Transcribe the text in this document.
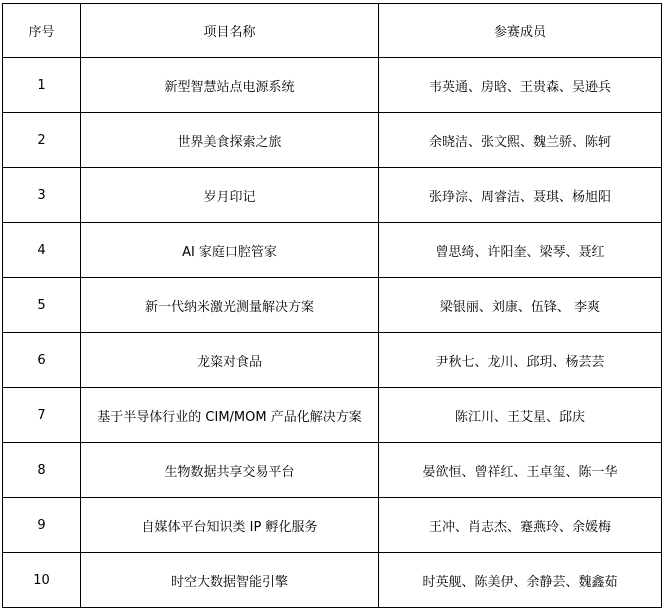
序号	项目名称	参赛成员
1	新型智慧站点电源系统	韦英通、房晗、王贵森、吴逊兵
2	世界美食探索之旅	余晓洁、张文熙、魏兰骄、陈轲
3	岁月印记	张琤淙、周睿洁、聂琪、杨旭阳
4	AI 家庭口腔管家	曾思绮、许阳奎、梁琴、聂红
5	新一代纳米激光测量解决方案	梁银丽、刘康、伍锋、 李爽
6	龙粢对食品	尹秋七、龙川、邱玥、杨芸芸
7	基于半导体行业的 CIM/MOM 产品化解决方案	陈江川、王艾星、邱庆
8	生物数据共享交易平台	晏欲恒、曾祥红、王卓玺、陈一华
9	自媒体平台知识类 IP 孵化服务	王冲、肖志杰、蹇燕玲、余媛梅
10	时空大数据智能引擎	时英舰、陈美伊、余静芸、魏鑫茹
